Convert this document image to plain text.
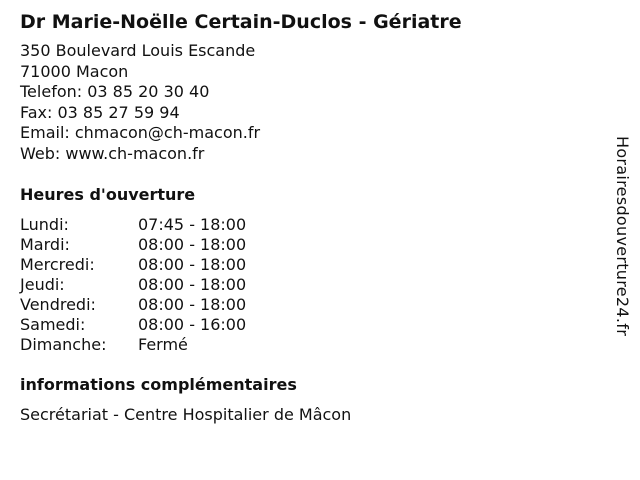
Dr Marie-Noëlle Certain-Duclos - Gériatre
350 Boulevard Louis Escande
71000 Macon
Telefon: 03 85 20 30 40
Fax: 03 85 27 59 94
Email: chmacon@ch-macon.fr
Web: www.ch-macon.fr
Heures d'ouverture
Lundi:	07:45 - 18:00
Mardi:	08:00 - 18:00
Mercredi:	08:00 - 18:00
Jeudi:	08:00 - 18:00
Vendredi:	08:00 - 18:00
Samedi:	08:00 - 16:00
Dimanche:	Fermé
informations complémentaires
Secrétariat - Centre Hospitalier de Mâcon
Horairesdouverture24.fr
